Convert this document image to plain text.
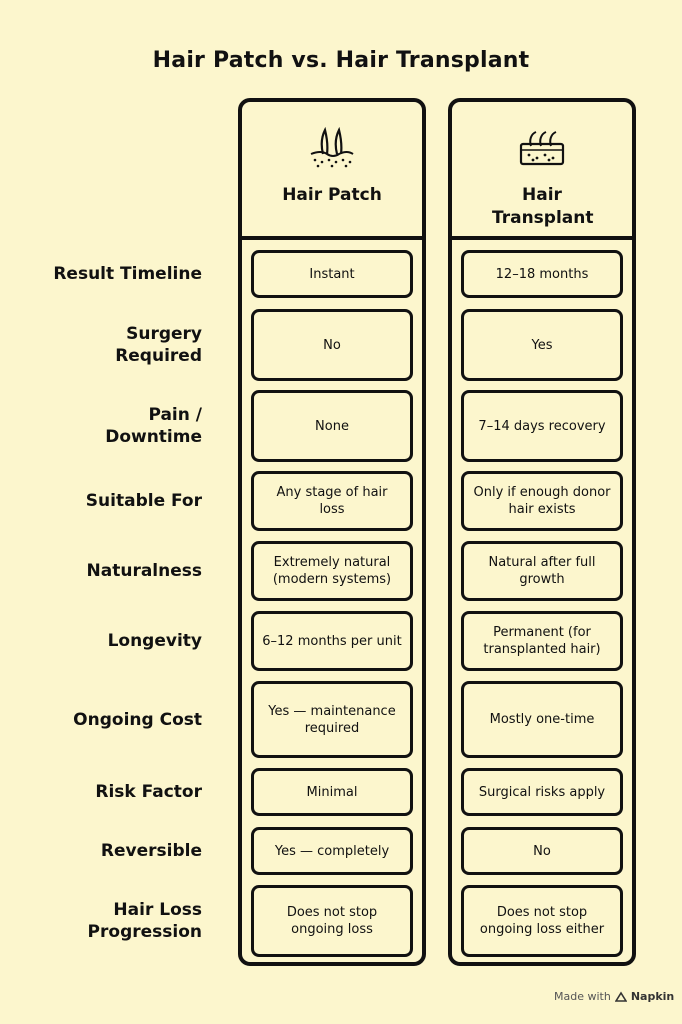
Hair Patch vs. Hair Transplant
Result Timeline
Surgery Required
Pain / Downtime
Suitable For
Naturalness
Longevity
Ongoing Cost
Risk Factor
Reversible
Hair Loss Progression
Hair Patch
Instant
No
None
Any stage of hair loss
Extremely natural (modern systems)
6–12 months per unit
Yes — maintenance required
Minimal
Yes — completely
Does not stop ongoing loss
Hair Transplant
12–18 months
Yes
7–14 days recovery
Only if enough donor hair exists
Natural after full growth
Permanent (for transplanted hair)
Mostly one-time
Surgical risks apply
No
Does not stop ongoing loss either
Made with Napkin
